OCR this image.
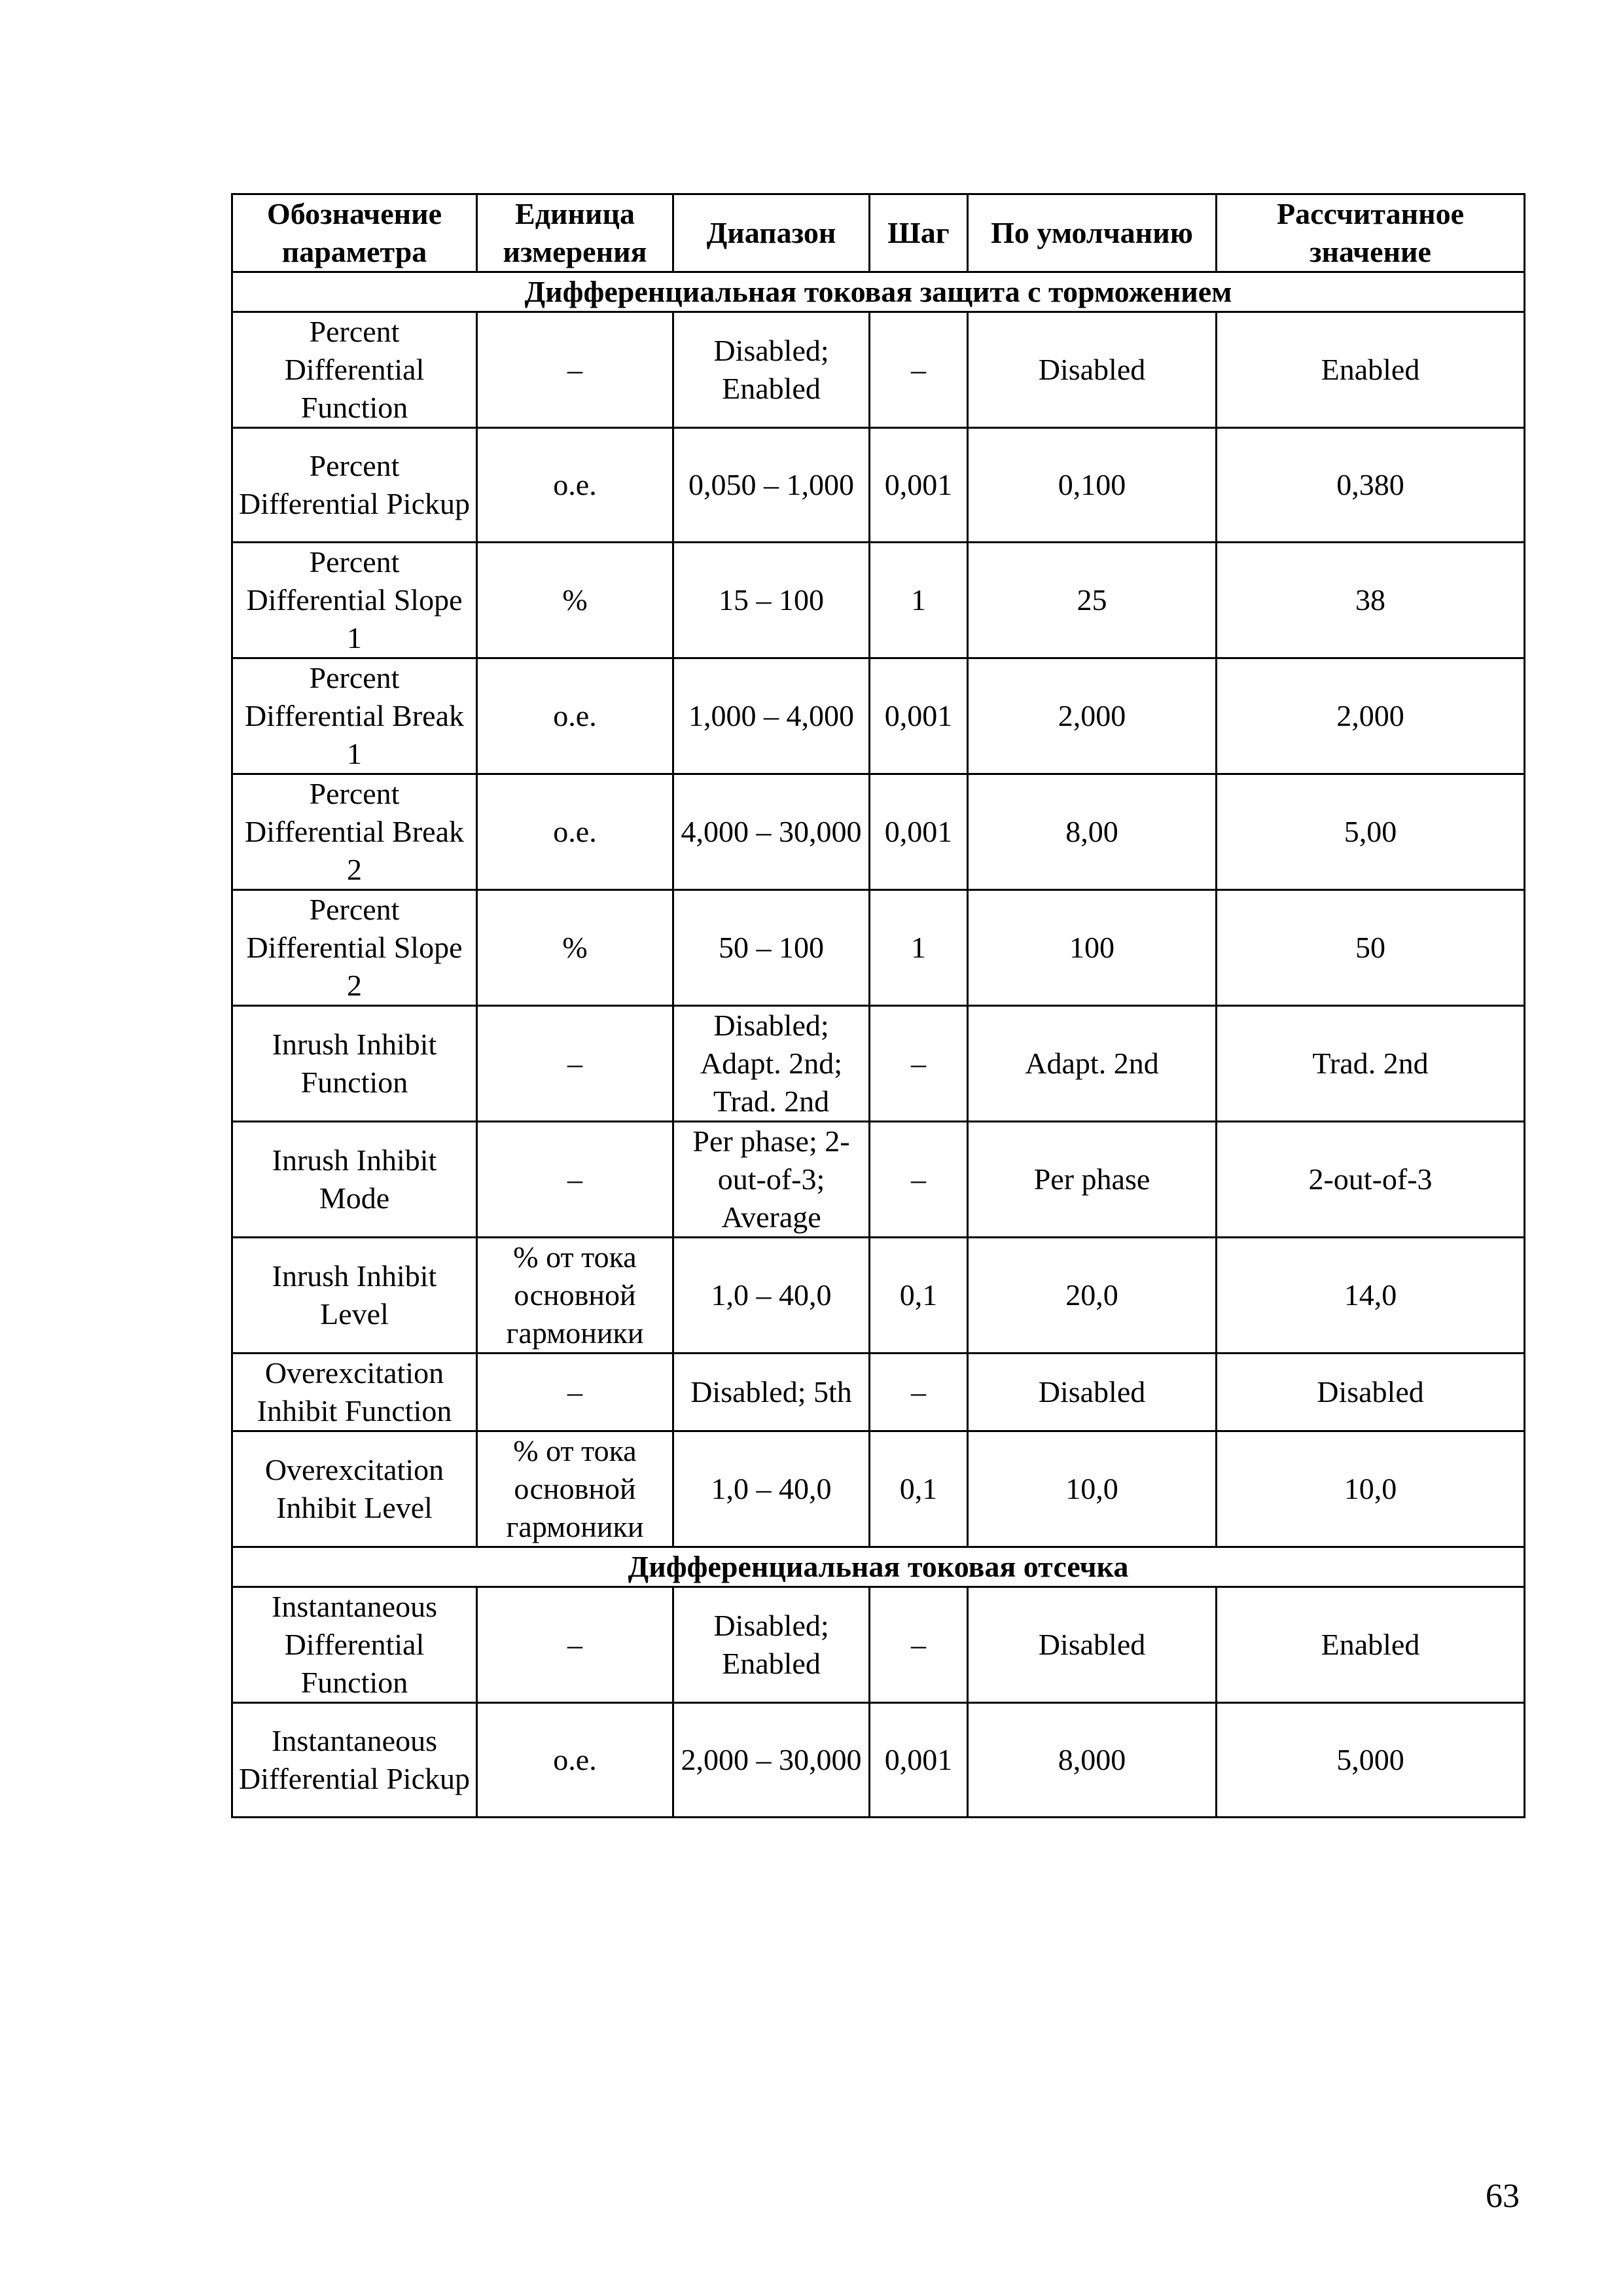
Обозначение параметра	Единица измерения	Диапазон	Шаг	По умолчанию	Рассчитанное значение
Дифференциальная токовая защита с торможением					
Percent Differential Function	–	Disabled; Enabled	–	Disabled	Enabled
Percent Differential Pickup	о.е.	0,050 – 1,000	0,001	0,100	0,380
Percent Differential Slope 1	%	15 – 100	1	25	38
Percent Differential Break 1	о.е.	1,000 – 4,000	0,001	2,000	2,000
Percent Differential Break 2	о.е.	4,000 – 30,000	0,001	8,00	5,00
Percent Differential Slope 2	%	50 – 100	1	100	50
Inrush Inhibit Function	–	Disabled; Adapt. 2nd; Trad. 2nd	–	Adapt. 2nd	Trad. 2nd
Inrush Inhibit Mode	–	Per phase; 2-out-of-3; Average	–	Per phase	2-out-of-3
Inrush Inhibit Level	% от тока основной гармоники	1,0 – 40,0	0,1	20,0	14,0
Overexcitation Inhibit Function	–	Disabled; 5th	–	Disabled	Disabled
Overexcitation Inhibit Level	% от тока основной гармоники	1,0 – 40,0	0,1	10,0	10,0
Дифференциальная токовая отсечка					
Instantaneous Differential Function	–	Disabled; Enabled	–	Disabled	Enabled
Instantaneous Differential Pickup	о.е.	2,000 – 30,000	0,001	8,000	5,000
63
